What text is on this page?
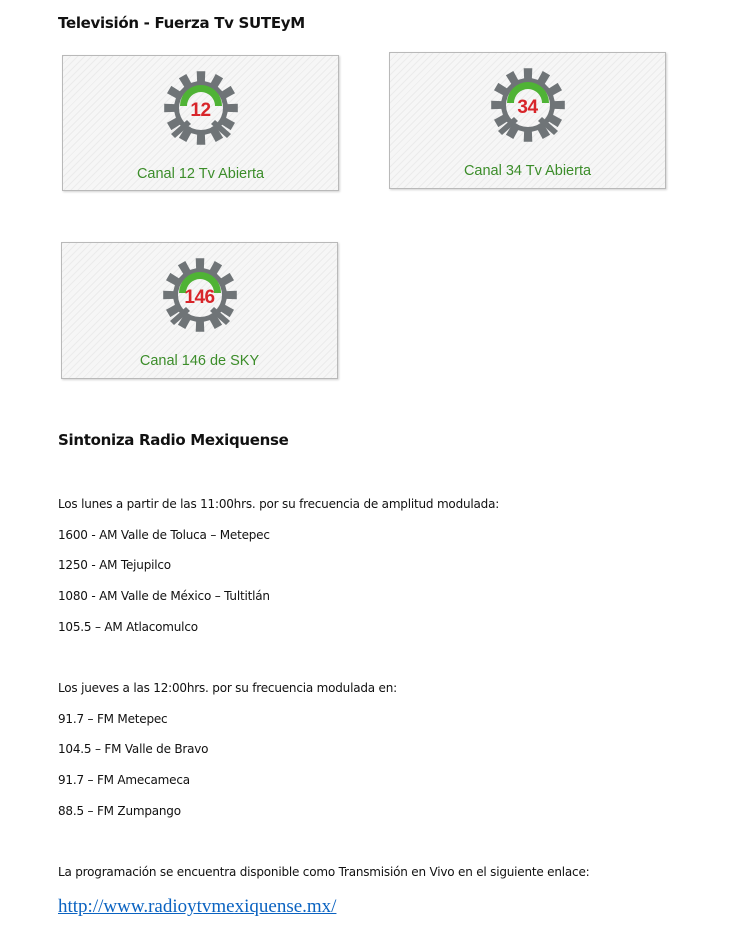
Televisión - Fuerza Tv SUTEyM
12
Canal 12 Tv Abierta
34
Canal 34 Tv Abierta
146
Canal 146 de SKY
Sintoniza Radio Mexiquense

Los lunes a partir de las 11:00hrs. por su frecuencia de amplitud modulada:

1600 - AM Valle de Toluca – Metepec

1250 - AM Tejupilco

1080 - AM Valle de México – Tultitlán

105.5 – AM Atlacomulco

Los jueves a las 12:00hrs. por su frecuencia modulada en:

91.7 – FM Metepec

104.5 – FM Valle de Bravo

91.7 – FM Amecameca

88.5 – FM Zumpango

La programación se encuentra disponible como Transmisión en Vivo en el siguiente enlace:

http://www.radioytvmexiquense.mx/
